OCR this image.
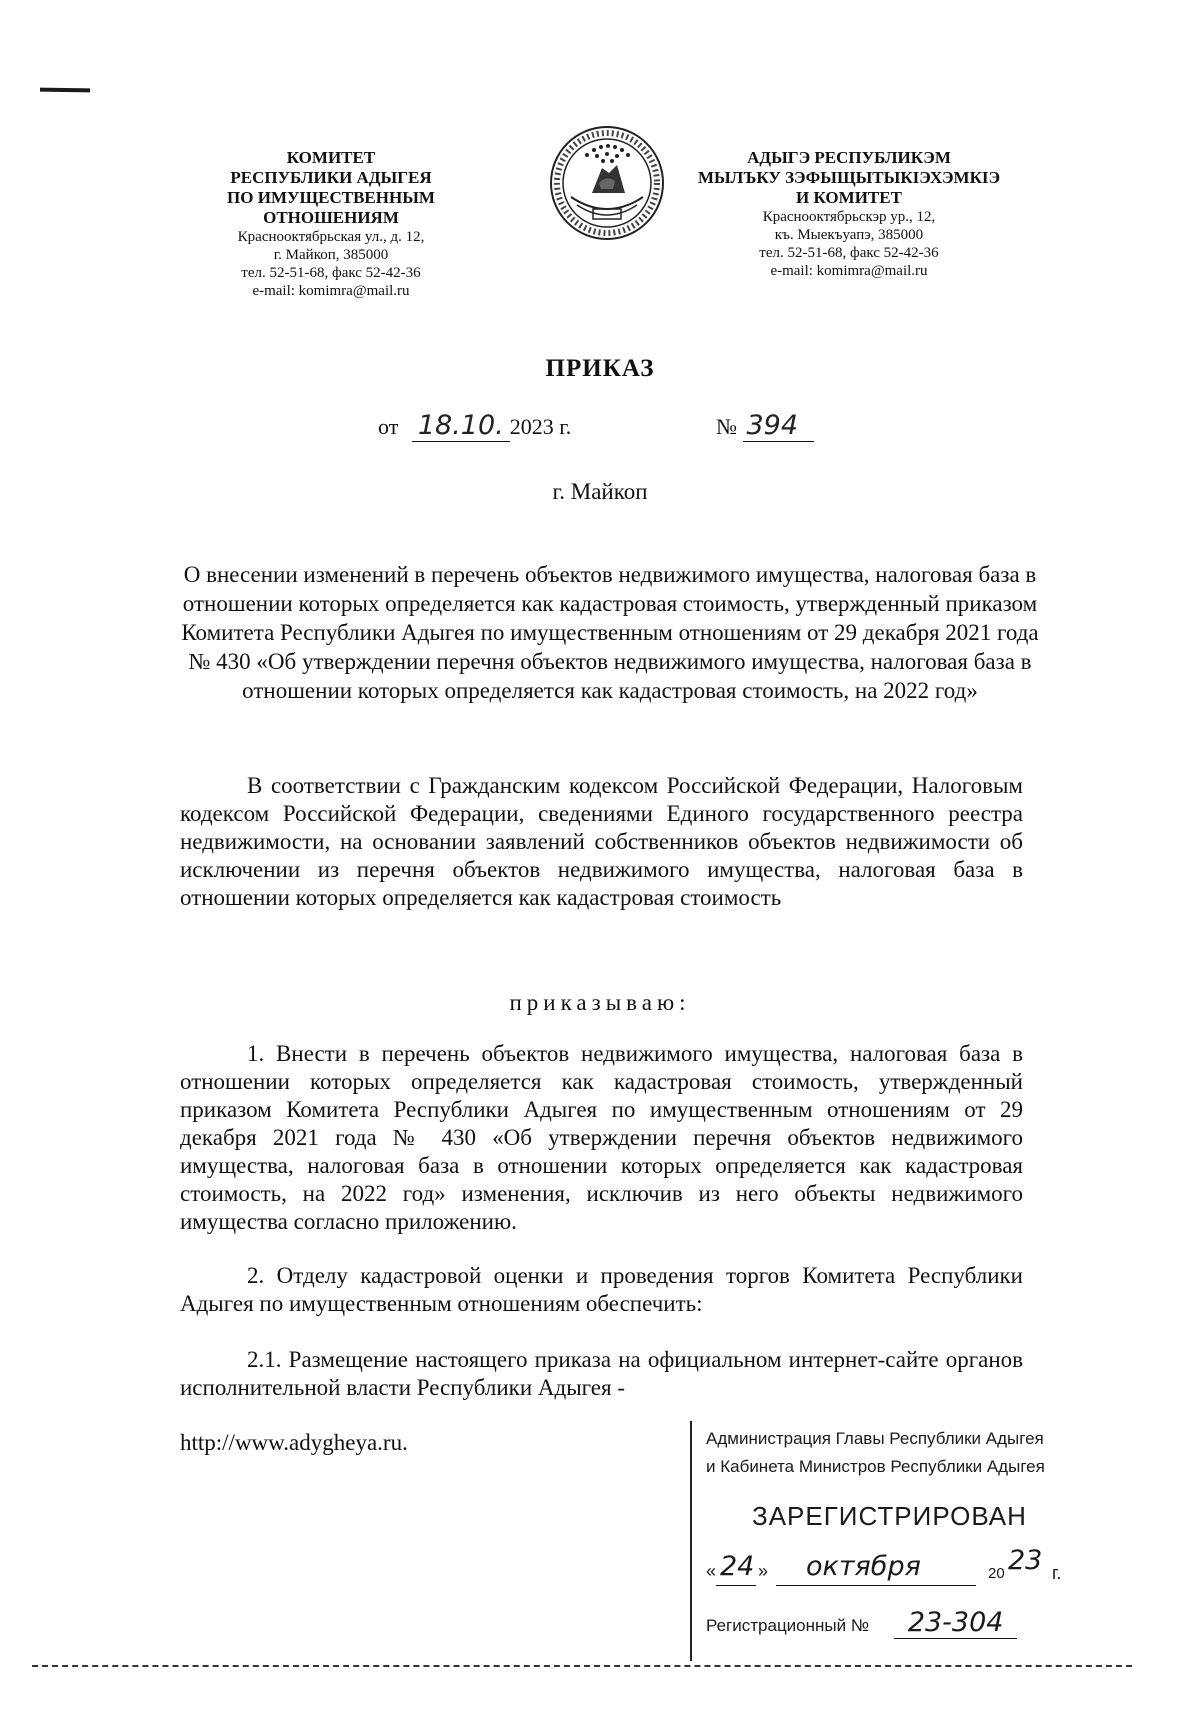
КОМИТЕТ
РЕСПУБЛИКИ АДЫГЕЯ
ПО ИМУЩЕСТВЕННЫМ ОТНОШЕНИЯМ
Краснооктябрьская ул., д. 12,
г. Майкоп, 385000
тел. 52-51-68, факс 52-42-36
e-mail: komimra@mail.ru
АДЫГЭ РЕСПУБЛИКЭМ
МЫЛЪКУ ЗЭФЫЩЫТЫКIЭХЭМКIЭ
И КОМИТЕТ
Краснооктябрьскэр ур., 12,
къ. Мыекъуапэ, 385000
тел. 52-51-68, факс 52-42-36
e-mail: komimra@mail.ru
ПРИКАЗ
от 18.10. 2023 г.	№ 394
г. Майкоп
О внесении изменений в перечень объектов недвижимого имущества, налоговая база в отношении которых определяется как кадастровая стоимость, утвержденный приказом Комитета Республики Адыгея по имущественным отношениям от 29 декабря 2021 года № 430 «Об утверждении перечня объектов недвижимого имущества, налоговая база в отношении которых определяется как кадастровая стоимость, на 2022 год»
В соответствии с Гражданским кодексом Российской Федерации, Налоговым кодексом Российской Федерации, сведениями Единого государственного реестра недвижимости, на основании заявлений собственников объектов недвижимости об исключении из перечня объектов недвижимого имущества, налоговая база в отношении которых определяется как кадастровая стоимость
приказываю:
1. Внести в перечень объектов недвижимого имущества, налоговая база в отношении которых определяется как кадастровая стоимость, утвержденный приказом Комитета Республики Адыгея по имущественным отношениям от 29 декабря 2021 года № 430 «Об утверждении перечня объектов недвижимого имущества, налоговая база в отношении которых определяется как кадастровая стоимость, на 2022 год» изменения, исключив из него объекты недвижимого имущества согласно приложению.
2. Отделу кадастровой оценки и проведения торгов Комитета Республики Адыгея по имущественным отношениям обеспечить:
2.1. Размещение настоящего приказа на официальном интернет-сайте органов исполнительной власти Республики Адыгея -
http://www.adygheya.ru.	Администрация Главы Республики Адыгея
и Кабинета Министров Республики Адыгея
ЗАРЕГИСТРИРОВАН
« 24 » октября	20 23 г.
Регистрационный № 23-304
